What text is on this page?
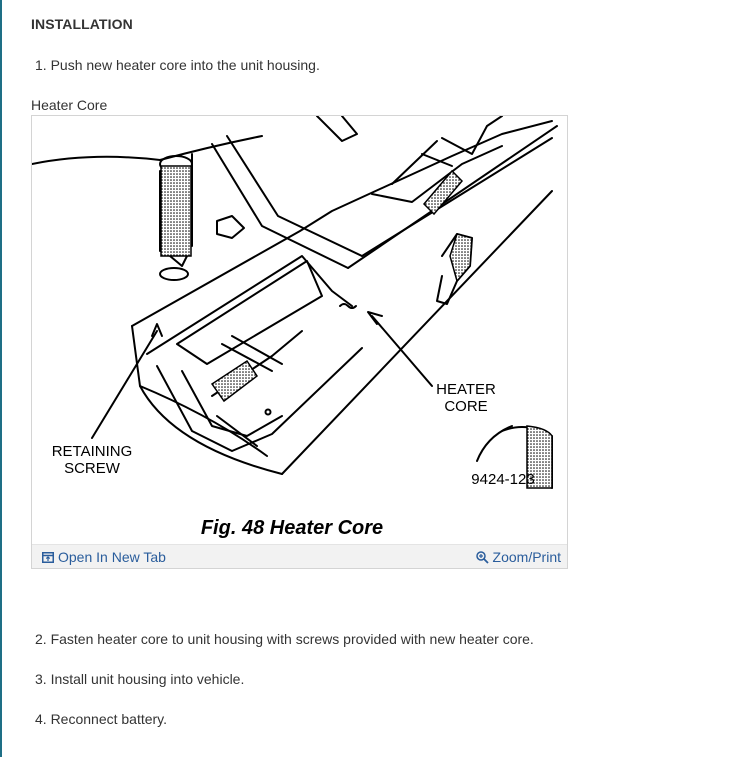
INSTALLATION
1. Push new heater core into the unit housing.
Heater Core
RETAINING
SCREW
HEATER
CORE
9424-123
Fig. 48 Heater Core
Open In New Tab	Zoom/Print
2. Fasten heater core to unit housing with screws provided with new heater core.
3. Install unit housing into vehicle.
4. Reconnect battery.
